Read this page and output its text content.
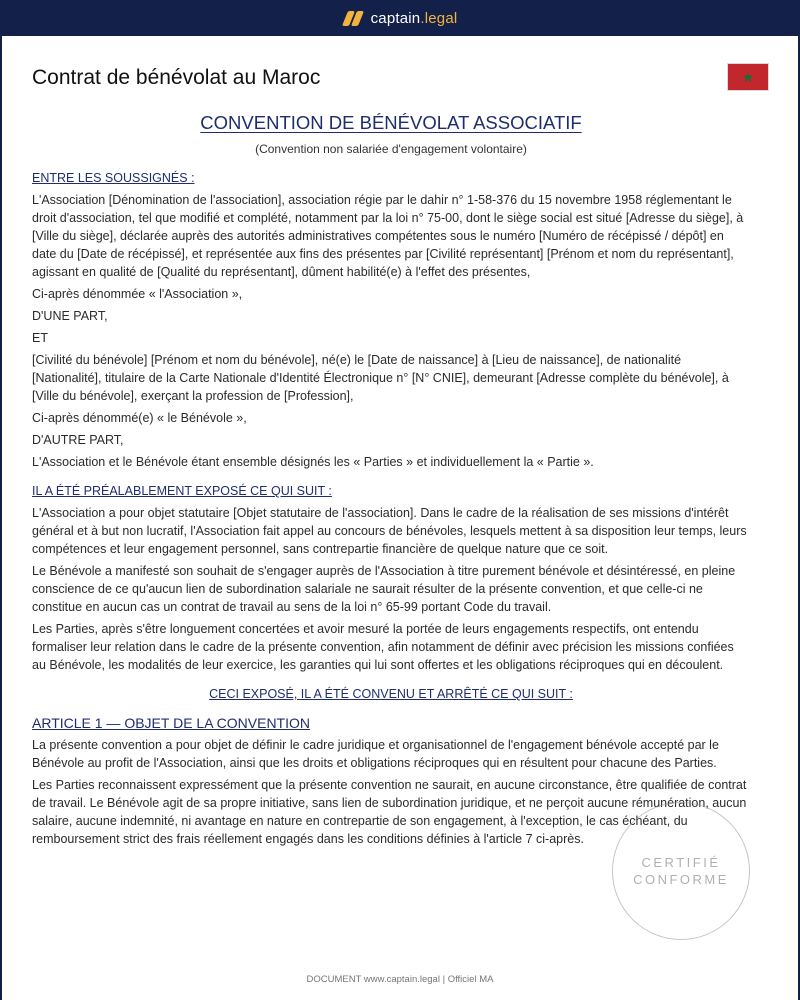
captain.legal
Contrat de bénévolat au Maroc	★
CONVENTION DE BÉNÉVOLAT ASSOCIATIF
(Convention non salariée d'engagement volontaire)
ENTRE LES SOUSSIGNÉS :
L'Association [Dénomination de l'association], association régie par le dahir n° 1-58-376 du 15 novembre 1958 réglementant le droit d'association, tel que modifié et complété, notamment par la loi n° 75-00, dont le siège social est situé [Adresse du siège], à [Ville du siège], déclarée auprès des autorités administratives compétentes sous le numéro [Numéro de récépissé / dépôt] en date du [Date de récépissé], et représentée aux fins des présentes par [Civilité représentant] [Prénom et nom du représentant], agissant en qualité de [Qualité du représentant], dûment habilité(e) à l'effet des présentes,
Ci-après dénommée « l'Association »,
D'UNE PART,
ET
[Civilité du bénévole] [Prénom et nom du bénévole], né(e) le [Date de naissance] à [Lieu de naissance], de nationalité [Nationalité], titulaire de la Carte Nationale d'Identité Électronique n° [N° CNIE], demeurant [Adresse complète du bénévole], à [Ville du bénévole], exerçant la profession de [Profession],
Ci-après dénommé(e) « le Bénévole »,
D'AUTRE PART,
L'Association et le Bénévole étant ensemble désignés les « Parties » et individuellement la « Partie ».
IL A ÉTÉ PRÉALABLEMENT EXPOSÉ CE QUI SUIT :
L'Association a pour objet statutaire [Objet statutaire de l'association]. Dans le cadre de la réalisation de ses missions d'intérêt général et à but non lucratif, l'Association fait appel au concours de bénévoles, lesquels mettent à sa disposition leur temps, leurs compétences et leur engagement personnel, sans contrepartie financière de quelque nature que ce soit.
Le Bénévole a manifesté son souhait de s'engager auprès de l'Association à titre purement bénévole et désintéressé, en pleine conscience de ce qu'aucun lien de subordination salariale ne saurait résulter de la présente convention, et que celle-ci ne constitue en aucun cas un contrat de travail au sens de la loi n° 65-99 portant Code du travail.
Les Parties, après s'être longuement concertées et avoir mesuré la portée de leurs engagements respectifs, ont entendu formaliser leur relation dans le cadre de la présente convention, afin notamment de définir avec précision les missions confiées au Bénévole, les modalités de leur exercice, les garanties qui lui sont offertes et les obligations réciproques qui en découlent.
CECI EXPOSÉ, IL A ÉTÉ CONVENU ET ARRÊTÉ CE QUI SUIT :
ARTICLE 1 — OBJET DE LA CONVENTION
La présente convention a pour objet de définir le cadre juridique et organisationnel de l'engagement bénévole accepté par le Bénévole au profit de l'Association, ainsi que les droits et obligations réciproques qui en résultent pour chacune des Parties.
Les Parties reconnaissent expressément que la présente convention ne saurait, en aucune circonstance, être qualifiée de contrat de travail. Le Bénévole agit de sa propre initiative, sans lien de subordination juridique, et ne perçoit aucune rémunération, aucun salaire, aucune indemnité, ni avantage en nature en contrepartie de son engagement, à l'exception, le cas échéant, du remboursement strict des frais réellement engagés dans les conditions définies à l'article 7 ci-après.
CERTIFIÉ
CONFORME
DOCUMENT www.captain.legal | Officiel MA
